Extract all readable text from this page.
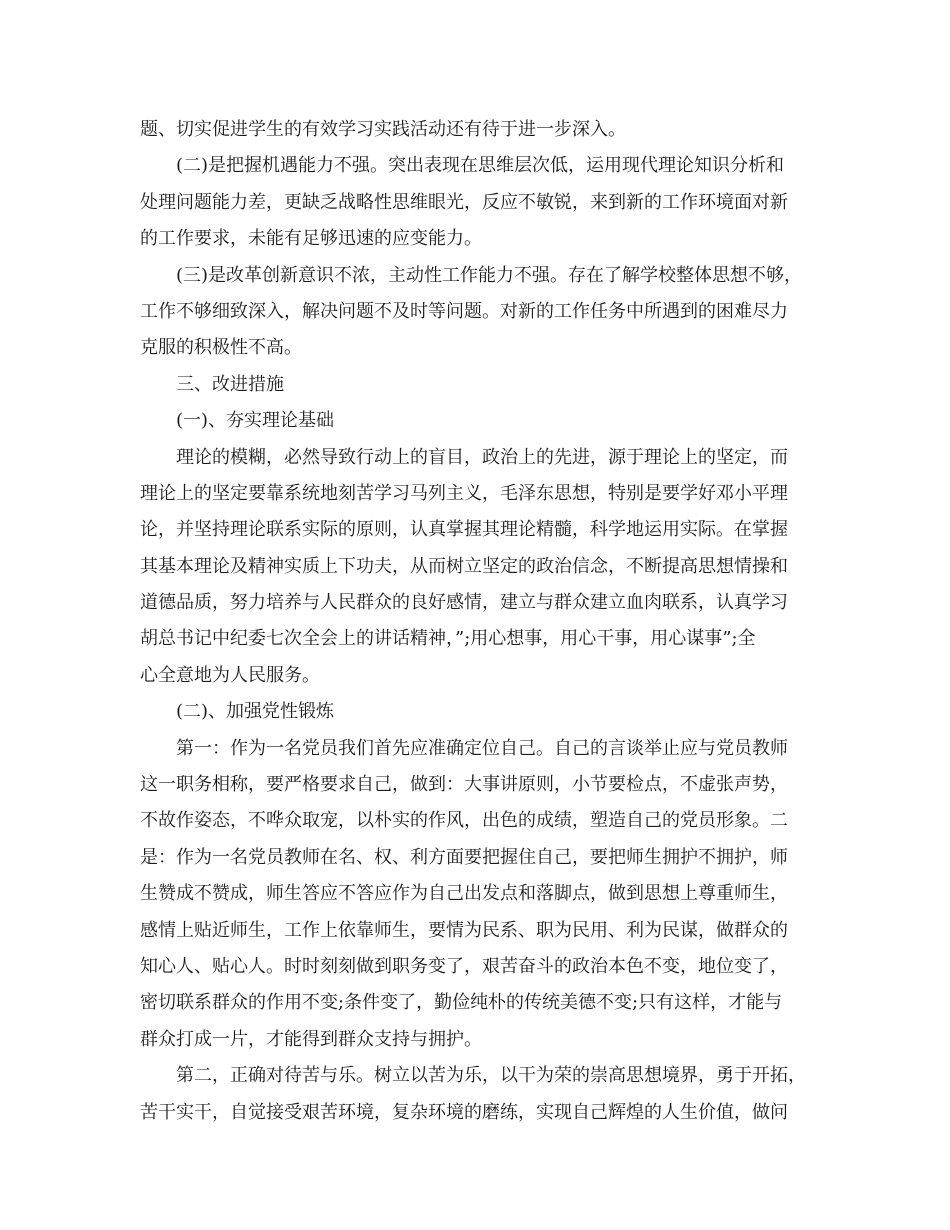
题、切实促进学生的有效学习实践活动还有待于进一步深入。
(二)是把握机遇能力不强。突出表现在思维层次低，运用现代理论知识分析和
处理问题能力差，更缺乏战略性思维眼光，反应不敏锐，来到新的工作环境面对新
的工作要求，未能有足够迅速的应变能力。
(三)是改革创新意识不浓，主动性工作能力不强。存在了解学校整体思想不够，
工作不够细致深入，解决问题不及时等问题。对新的工作任务中所遇到的困难尽力
克服的积极性不高。
三、改进措施
(一)、夯实理论基础
理论的模糊，必然导致行动上的盲目，政治上的先进，源于理论上的坚定，而
理论上的坚定要靠系统地刻苦学习马列主义，毛泽东思想，特别是要学好邓小平理
论，并坚持理论联系实际的原则，认真掌握其理论精髓，科学地运用实际。在掌握
其基本理论及精神实质上下功夫，从而树立坚定的政治信念，不断提高思想情操和
道德品质，努力培养与人民群众的良好感情，建立与群众建立血肉联系，认真学习
胡总书记中纪委七次全会上的讲话精神，”;用心想事，用心干事，用心谋事”;全
心全意地为人民服务。
(二)、加强党性锻炼
第一：作为一名党员我们首先应准确定位自己。自己的言谈举止应与党员教师
这一职务相称，要严格要求自己，做到：大事讲原则，小节要检点，不虚张声势，
不故作姿态，不哗众取宠，以朴实的作风，出色的成绩，塑造自己的党员形象。二
是：作为一名党员教师在名、权、利方面要把握住自己，要把师生拥护不拥护，师
生赞成不赞成，师生答应不答应作为自己出发点和落脚点，做到思想上尊重师生，
感情上贴近师生，工作上依靠师生，要情为民系、职为民用、利为民谋，做群众的
知心人、贴心人。时时刻刻做到职务变了，艰苦奋斗的政治本色不变，地位变了，
密切联系群众的作用不变;条件变了，勤俭纯朴的传统美德不变;只有这样，才能与
群众打成一片，才能得到群众支持与拥护。
第二，正确对待苦与乐。树立以苦为乐，以干为荣的崇高思想境界，勇于开拓，
苦干实干，自觉接受艰苦环境，复杂环境的磨练，实现自己辉煌的人生价值，做问
